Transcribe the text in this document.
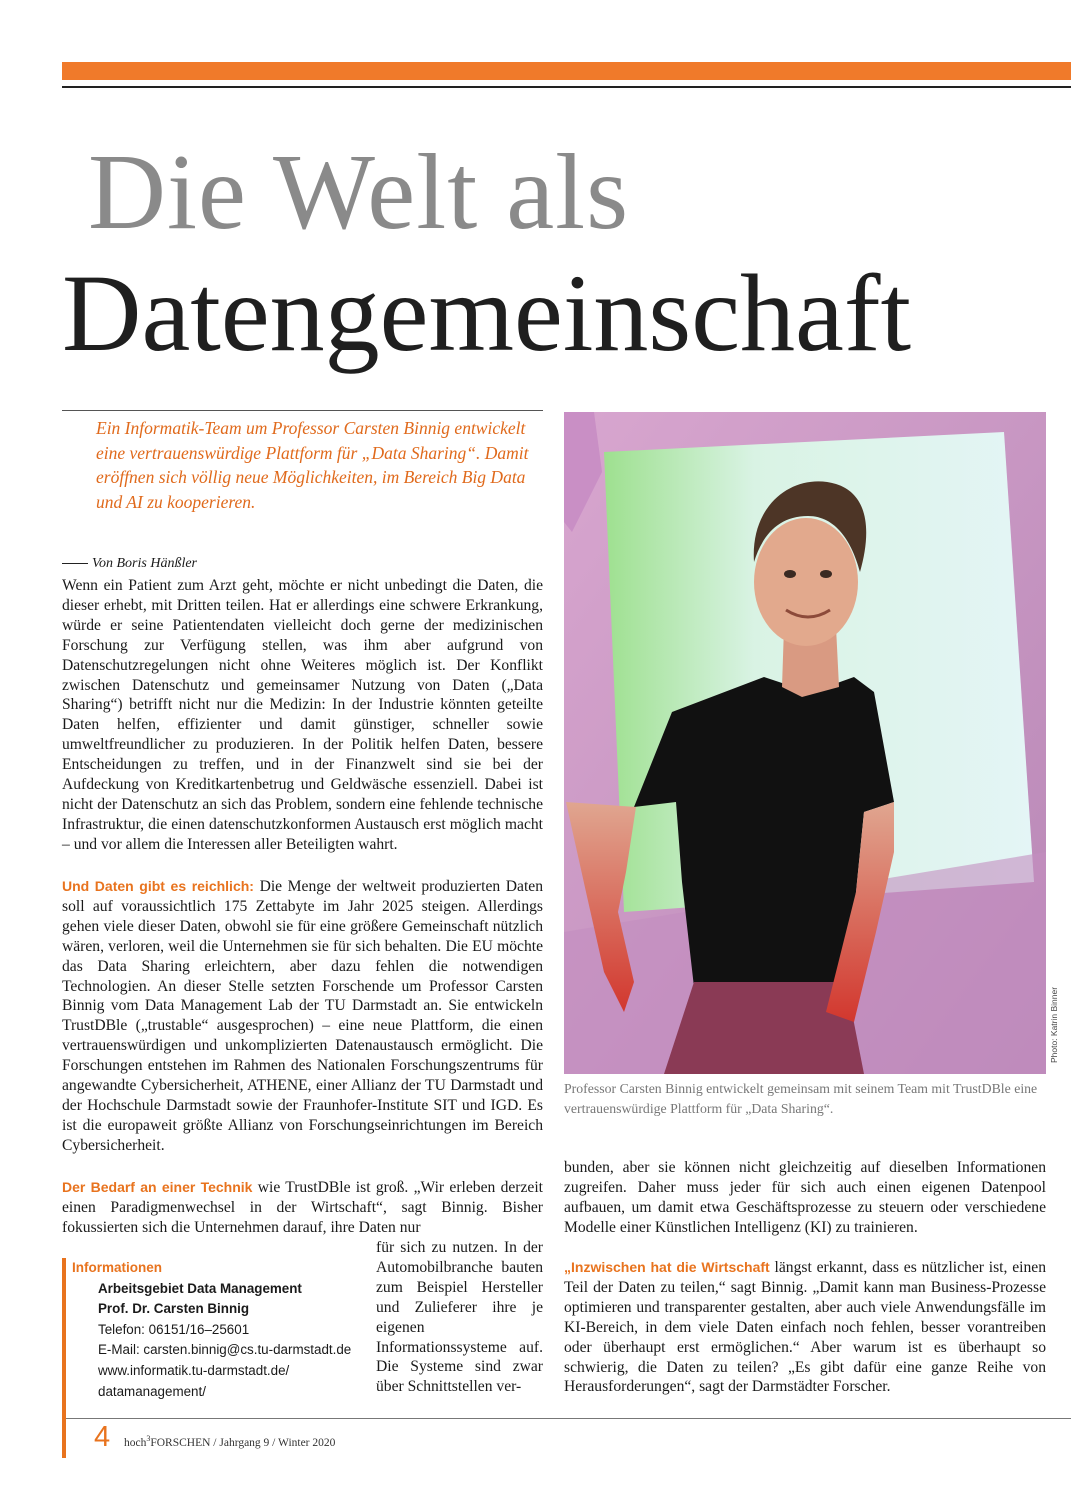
Die Welt als
Datengemeinschaft
Ein Informatik-Team um Professor Carsten Binnig entwickelt eine vertrauenswürdige Plattform für „Data Sharing“. Damit eröffnen sich völlig neue Möglichkeiten, im Bereich Big Data und AI zu kooperieren.
Von Boris Hänßler

Wenn ein Patient zum Arzt geht, möchte er nicht unbedingt die Daten, die dieser erhebt, mit Dritten teilen. Hat er allerdings eine schwere Erkrankung, würde er seine Patientendaten vielleicht doch gerne der medizinischen Forschung zur Verfügung stellen, was ihm aber aufgrund von Datenschutzregelungen nicht ohne Weiteres möglich ist. Der Konflikt zwischen Datenschutz und gemeinsamer Nutzung von Daten („Data Sharing“) betrifft nicht nur die Medizin: In der Industrie könnten geteilte Daten helfen, effizienter und damit günstiger, schneller sowie umweltfreundlicher zu produzieren. In der Politik helfen Daten, bessere Entscheidungen zu treffen, und in der Finanzwelt sind sie bei der Aufdeckung von Kreditkartenbetrug und Geldwäsche essenziell. Dabei ist nicht der Datenschutz an sich das Problem, sondern eine fehlende technische Infrastruktur, die einen datenschutzkonformen Austausch erst möglich macht – und vor allem die Interessen aller Beteiligten wahrt.

Und Daten gibt es reichlich: Die Menge der weltweit produzierten Daten soll auf voraussichtlich 175 Zettabyte im Jahr 2025 steigen. Allerdings gehen viele dieser Daten, obwohl sie für eine größere Gemeinschaft nützlich wären, verloren, weil die Unternehmen sie für sich behalten. Die EU möchte das Data Sharing erleichtern, aber dazu fehlen die notwendigen Technologien. An dieser Stelle setzten Forschende um Professor Carsten Binnig vom Data Management Lab der TU Darmstadt an. Sie entwickeln TrustDBle („trustable“ ausgesprochen) – eine neue Plattform, die einen vertrauenswürdigen und unkomplizierten Datenaustausch ermöglicht. Die Forschungen entstehen im Rahmen des Nationalen Forschungszentrums für angewandte Cybersicherheit, ATHENE, einer Allianz der TU Darmstadt und der Hochschule Darmstadt sowie der Fraunhofer-Institute SIT und IGD. Es ist die europaweit größte Allianz von Forschungseinrichtungen im Bereich Cybersicherheit.

Der Bedarf an einer Technik wie TrustDBle ist groß. „Wir erleben derzeit einen Paradigmenwechsel in der Wirtschaft“, sagt Binnig. Bisher fokussierten sich die Unternehmen darauf, ihre Daten nur

für sich zu nutzen. In der Automobilbranche bauten zum Beispiel Hersteller und Zulieferer ihre je eigenen Informationssysteme auf. Die Systeme sind zwar über Schnittstellen ver-

Informationen
Arbeitsgebiet Data Management
Prof. Dr. Carsten Binnig
Telefon: 06151/16–25601
E-Mail: carsten.binnig@cs.tu-darmstadt.de
www.informatik.tu-darmstadt.de/
datamanagement/
Photo: Katrin Binner
Professor Carsten Binnig entwickelt gemeinsam mit seinem Team mit TrustDBle eine vertrauenswürdige Plattform für „Data Sharing“.

bunden, aber sie können nicht gleichzeitig auf dieselben Informationen zugreifen. Daher muss jeder für sich auch einen eigenen Datenpool aufbauen, um damit etwa Geschäftsprozesse zu steuern oder verschiedene Modelle einer Künstlichen Intelligenz (KI) zu trainieren.

„Inzwischen hat die Wirtschaft längst erkannt, dass es nützlicher ist, einen Teil der Daten zu teilen,“ sagt Binnig. „Damit kann man Business-Prozesse optimieren und transparenter gestalten, aber auch viele Anwendungsfälle im KI-Bereich, in dem viele Daten einfach noch fehlen, besser vorantreiben oder überhaupt erst ermöglichen.“ Aber warum ist es überhaupt so schwierig, die Daten zu teilen? „Es gibt dafür eine ganze Reihe von Herausforderungen“, sagt der Darmstädter Forscher.

4 hoch$^3$FORSCHEN / Jahrgang 9 / Winter 2020
